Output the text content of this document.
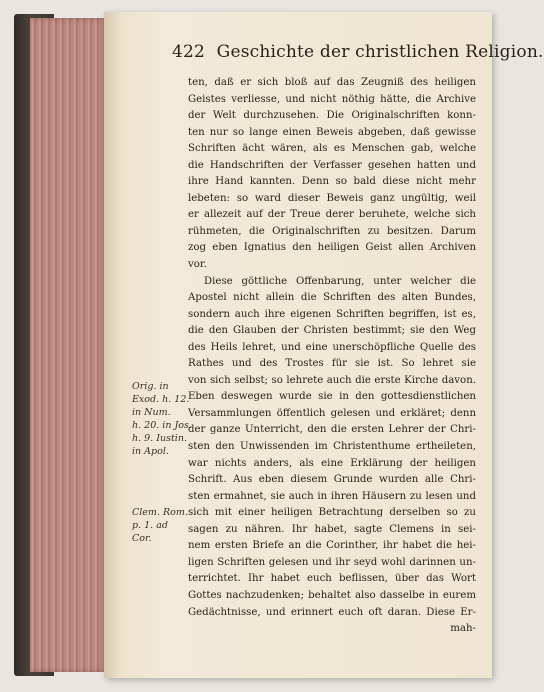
422 Geschichte der christlichen Religion.
ten, daß er sich bloß auf das Zeugniß des heiligen
Geistes verliesse, und nicht nöthig hätte, die Archive
der Welt durchzusehen. Die Originalschriften konn-
ten nur so lange einen Beweis abgeben, daß gewisse
Schriften ächt wären, als es Menschen gab, welche
die Handschriften der Verfasser gesehen hatten und
ihre Hand kannten. Denn so bald diese nicht mehr
lebeten: so ward dieser Beweis ganz ungültig, weil
er allezeit auf der Treue derer beruhete, welche sich
rühmeten, die Originalschriften zu besitzen. Darum
zog eben Ignatius den heiligen Geist allen Archiven
vor.
Diese göttliche Offenbarung, unter welcher die
Apostel nicht allein die Schriften des alten Bundes,
sondern auch ihre eigenen Schriften begriffen, ist es,
die den Glauben der Christen bestimmt; sie den Weg
des Heils lehret, und eine unerschöpfliche Quelle des
Rathes und des Trostes für sie ist. So lehret sie
von sich selbst; so lehrete auch die erste Kirche davon.
Eben deswegen wurde sie in den gottesdienstlichen
Versammlungen öffentlich gelesen und erkläret; denn
der ganze Unterricht, den die ersten Lehrer der Chri-
sten den Unwissenden im Christenthume ertheileten,
war nichts anders, als eine Erklärung der heiligen
Schrift. Aus eben diesem Grunde wurden alle Chri-
sten ermahnet, sie auch in ihren Häusern zu lesen und
sich mit einer heiligen Betrachtung derselben so zu
sagen zu nähren. Ihr habet, sagte Clemens in sei-
nem ersten Briefe an die Corinther, ihr habet die hei-
ligen Schriften gelesen und ihr seyd wohl darinnen un-
terrichtet. Ihr habet euch beflissen, über das Wort
Gottes nachzudenken; behaltet also dasselbe in eurem
Gedächtnisse, und erinnert euch oft daran. Diese Er-
mah-
Orig. in
Exod. h. 12.
in Num.
h. 20. in Jos.
h. 9. Iustin.
in Apol.
Clem. Rom.
p. 1. ad
Cor.
